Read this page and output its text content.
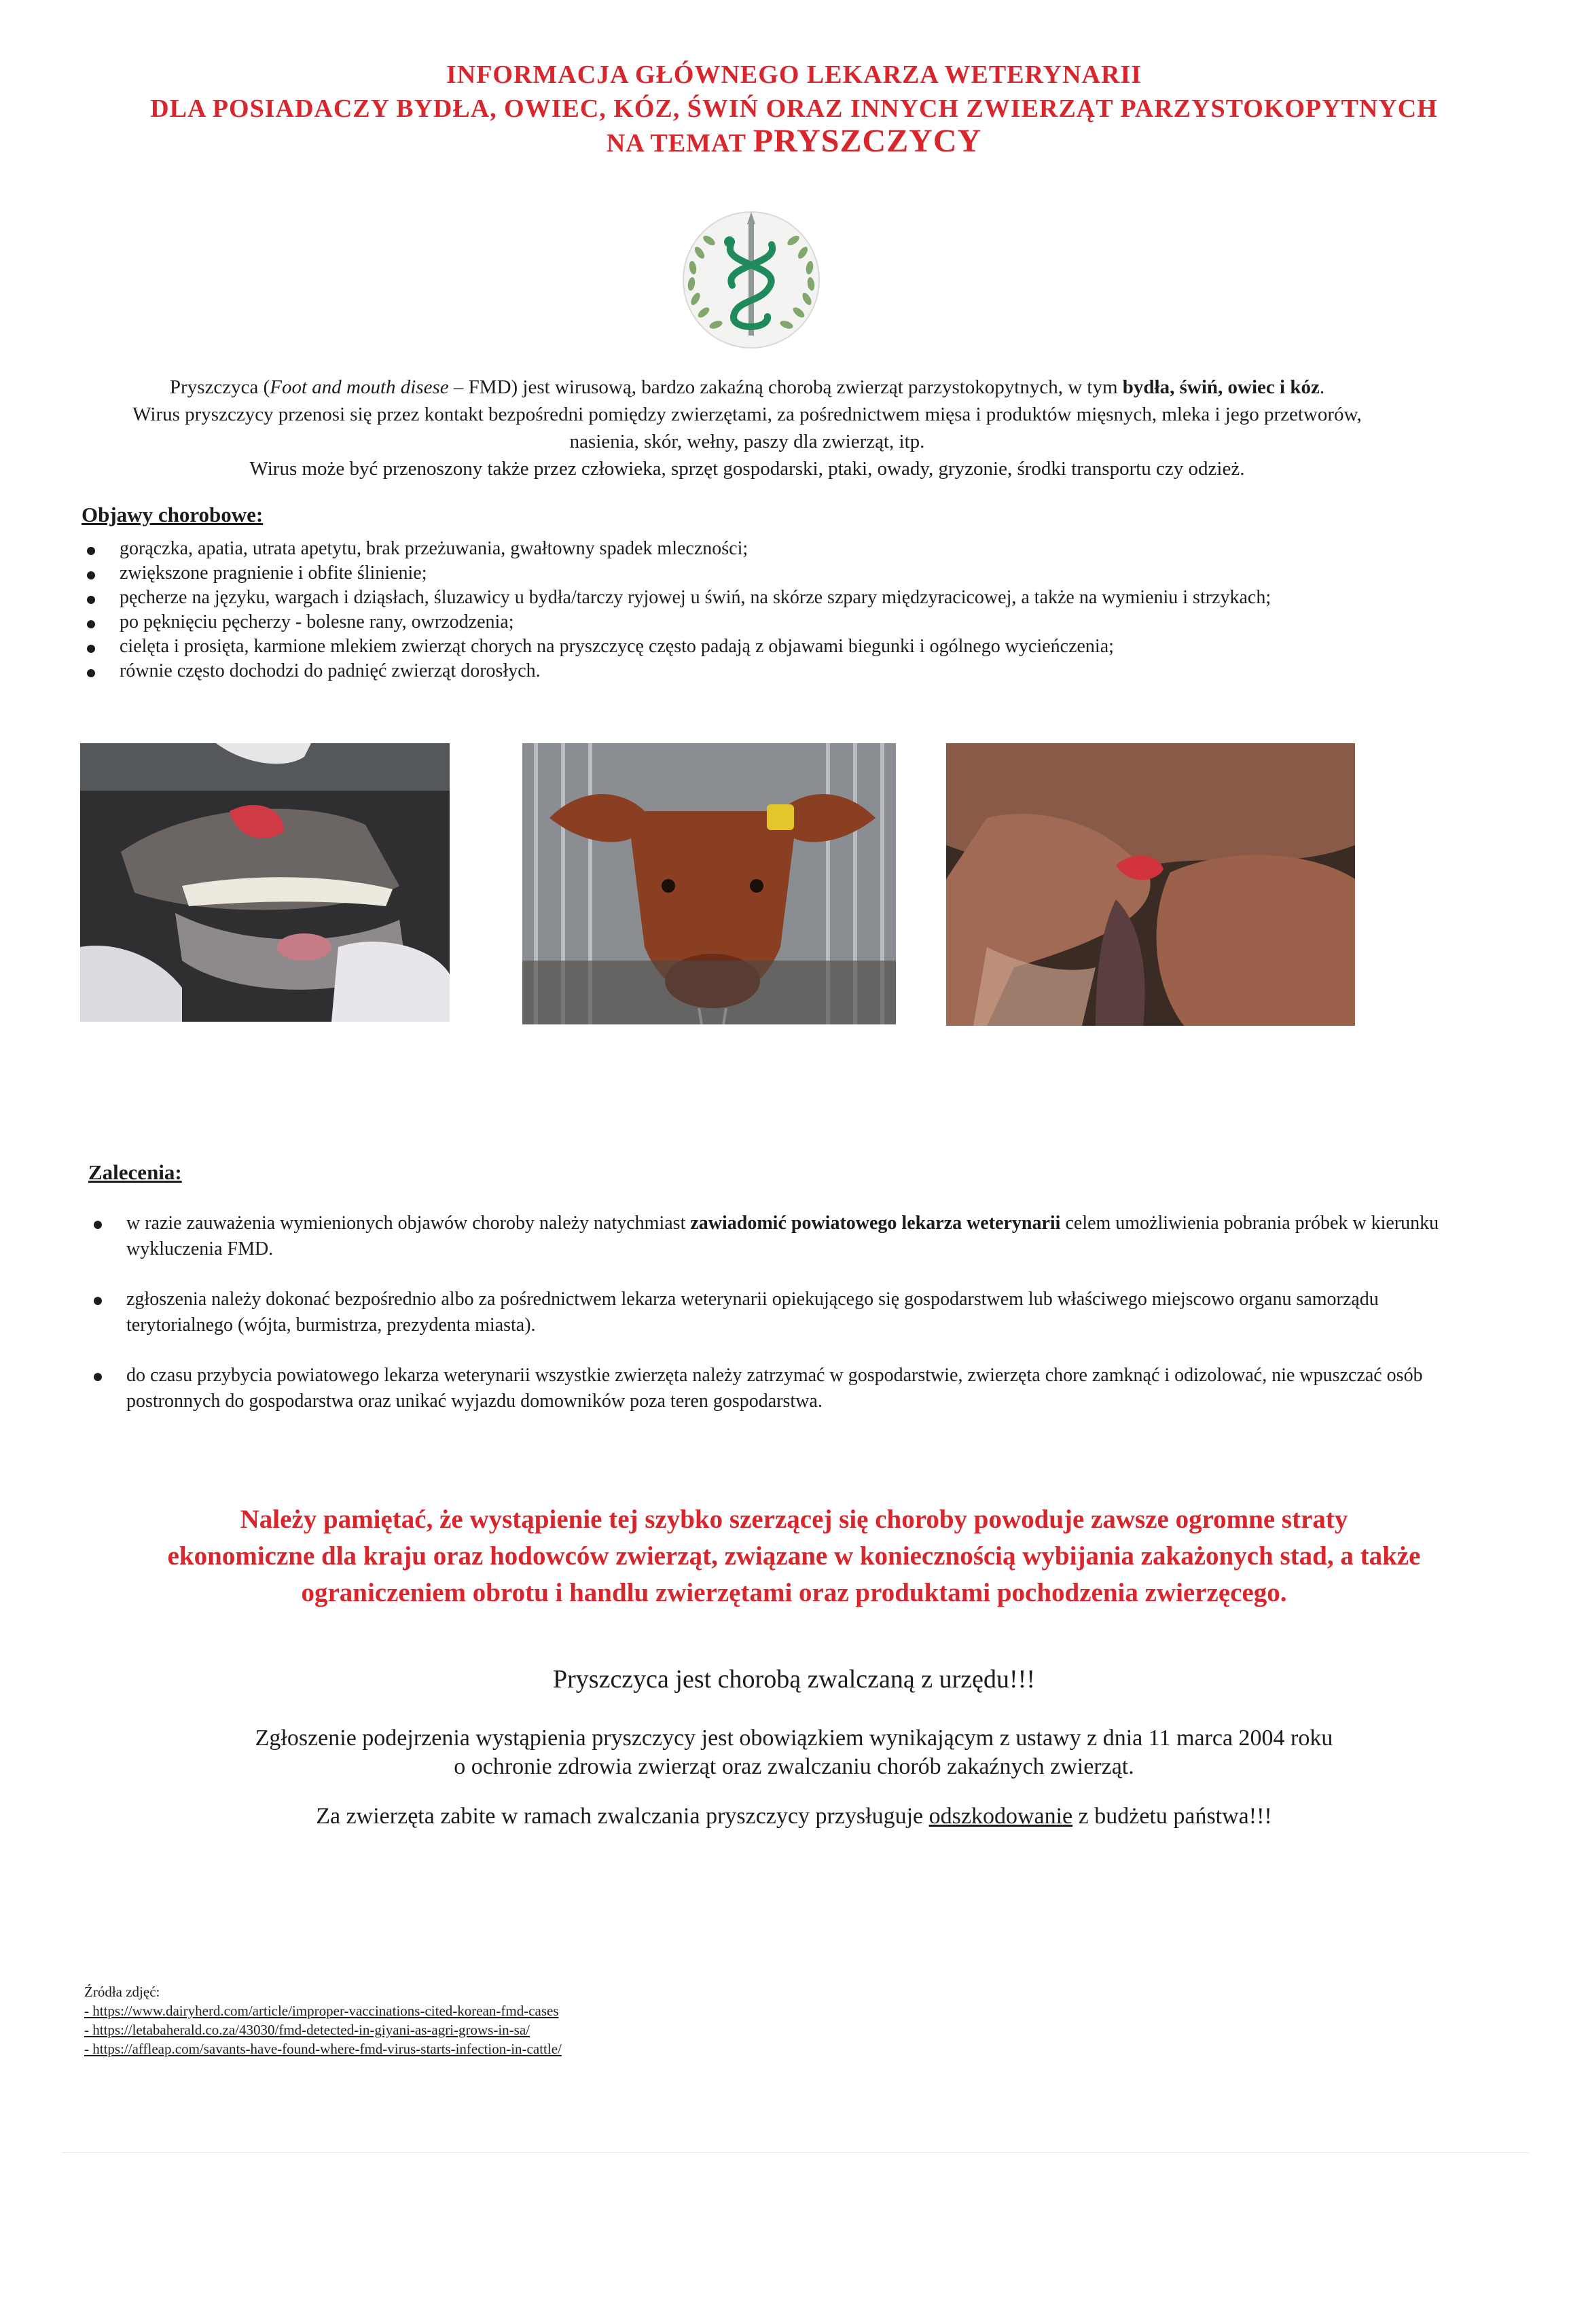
INFORMACJA GŁÓWNEGO LEKARZA WETERYNARII
DLA POSIADACZY BYDŁA, OWIEC, KÓZ, ŚWIŃ ORAZ INNYCH ZWIERZĄT PARZYSTOKOPYTNYCH
NA TEMAT PRYSZCZYCY

Pryszczyca (Foot and mouth disese – FMD) jest wirusową, bardzo zakaźną chorobą zwierząt parzystokopytnych, w tym bydła, świń, owiec i kóz.

Wirus pryszczycy przenosi się przez kontakt bezpośredni pomiędzy zwierzętami, za pośrednictwem mięsa i produktów mięsnych, mleka i jego przetworów, nasienia, skór, wełny, paszy dla zwierząt, itp.

Wirus może być przenoszony także przez człowieka, sprzęt gospodarski, ptaki, owady, gryzonie, środki transportu czy odzież.

Objawy chorobowe:
gorączka, apatia, utrata apetytu, brak przeżuwania, gwałtowny spadek mleczności;
zwiększone pragnienie i obfite ślinienie;
pęcherze na języku, wargach i dziąsłach, śluzawicy u bydła/tarczy ryjowej u świń, na skórze szpary międzyracicowej, a także na wymieniu i strzykach;
po pęknięciu pęcherzy - bolesne rany, owrzodzenia;
cielęta i prosięta, karmione mlekiem zwierząt chorych na pryszczycę często padają z objawami biegunki i ogólnego wycieńczenia;
równie często dochodzi do padnięć zwierząt dorosłych.
Zalecenia:
w razie zauważenia wymienionych objawów choroby należy natychmiast zawiadomić powiatowego lekarza weterynarii celem umożliwienia pobrania próbek w kierunku wykluczenia FMD.
zgłoszenia należy dokonać bezpośrednio albo za pośrednictwem lekarza weterynarii opiekującego się gospodarstwem lub właściwego miejscowo organu samorządu terytorialnego (wójta, burmistrza, prezydenta miasta).
do czasu przybycia powiatowego lekarza weterynarii wszystkie zwierzęta należy zatrzymać w gospodarstwie, zwierzęta chore zamknąć i odizolować, nie wpuszczać osób postronnych do gospodarstwa oraz unikać wyjazdu domowników poza teren gospodarstwa.

Należy pamiętać, że wystąpienie tej szybko szerzącej się choroby powoduje zawsze ogromne straty

ekonomiczne dla kraju oraz hodowców zwierząt, związane w koniecznością wybijania zakażonych stad, a także

ograniczeniem obrotu i handlu zwierzętami oraz produktami pochodzenia zwierzęcego.

Pryszczyca jest chorobą zwalczaną z urzędu!!!

Zgłoszenie podejrzenia wystąpienia pryszczycy jest obowiązkiem wynikającym z ustawy z dnia 11 marca 2004 roku

o ochronie zdrowia zwierząt oraz zwalczaniu chorób zakaźnych zwierząt.

Za zwierzęta zabite w ramach zwalczania pryszczycy przysługuje odszkodowanie z budżetu państwa!!!
Źródła zdjęć:
- https://www.dairyherd.com/article/improper-vaccinations-cited-korean-fmd-cases
- https://letabaherald.co.za/43030/fmd-detected-in-giyani-as-agri-grows-in-sa/
- https://affleap.com/savants-have-found-where-fmd-virus-starts-infection-in-cattle/
